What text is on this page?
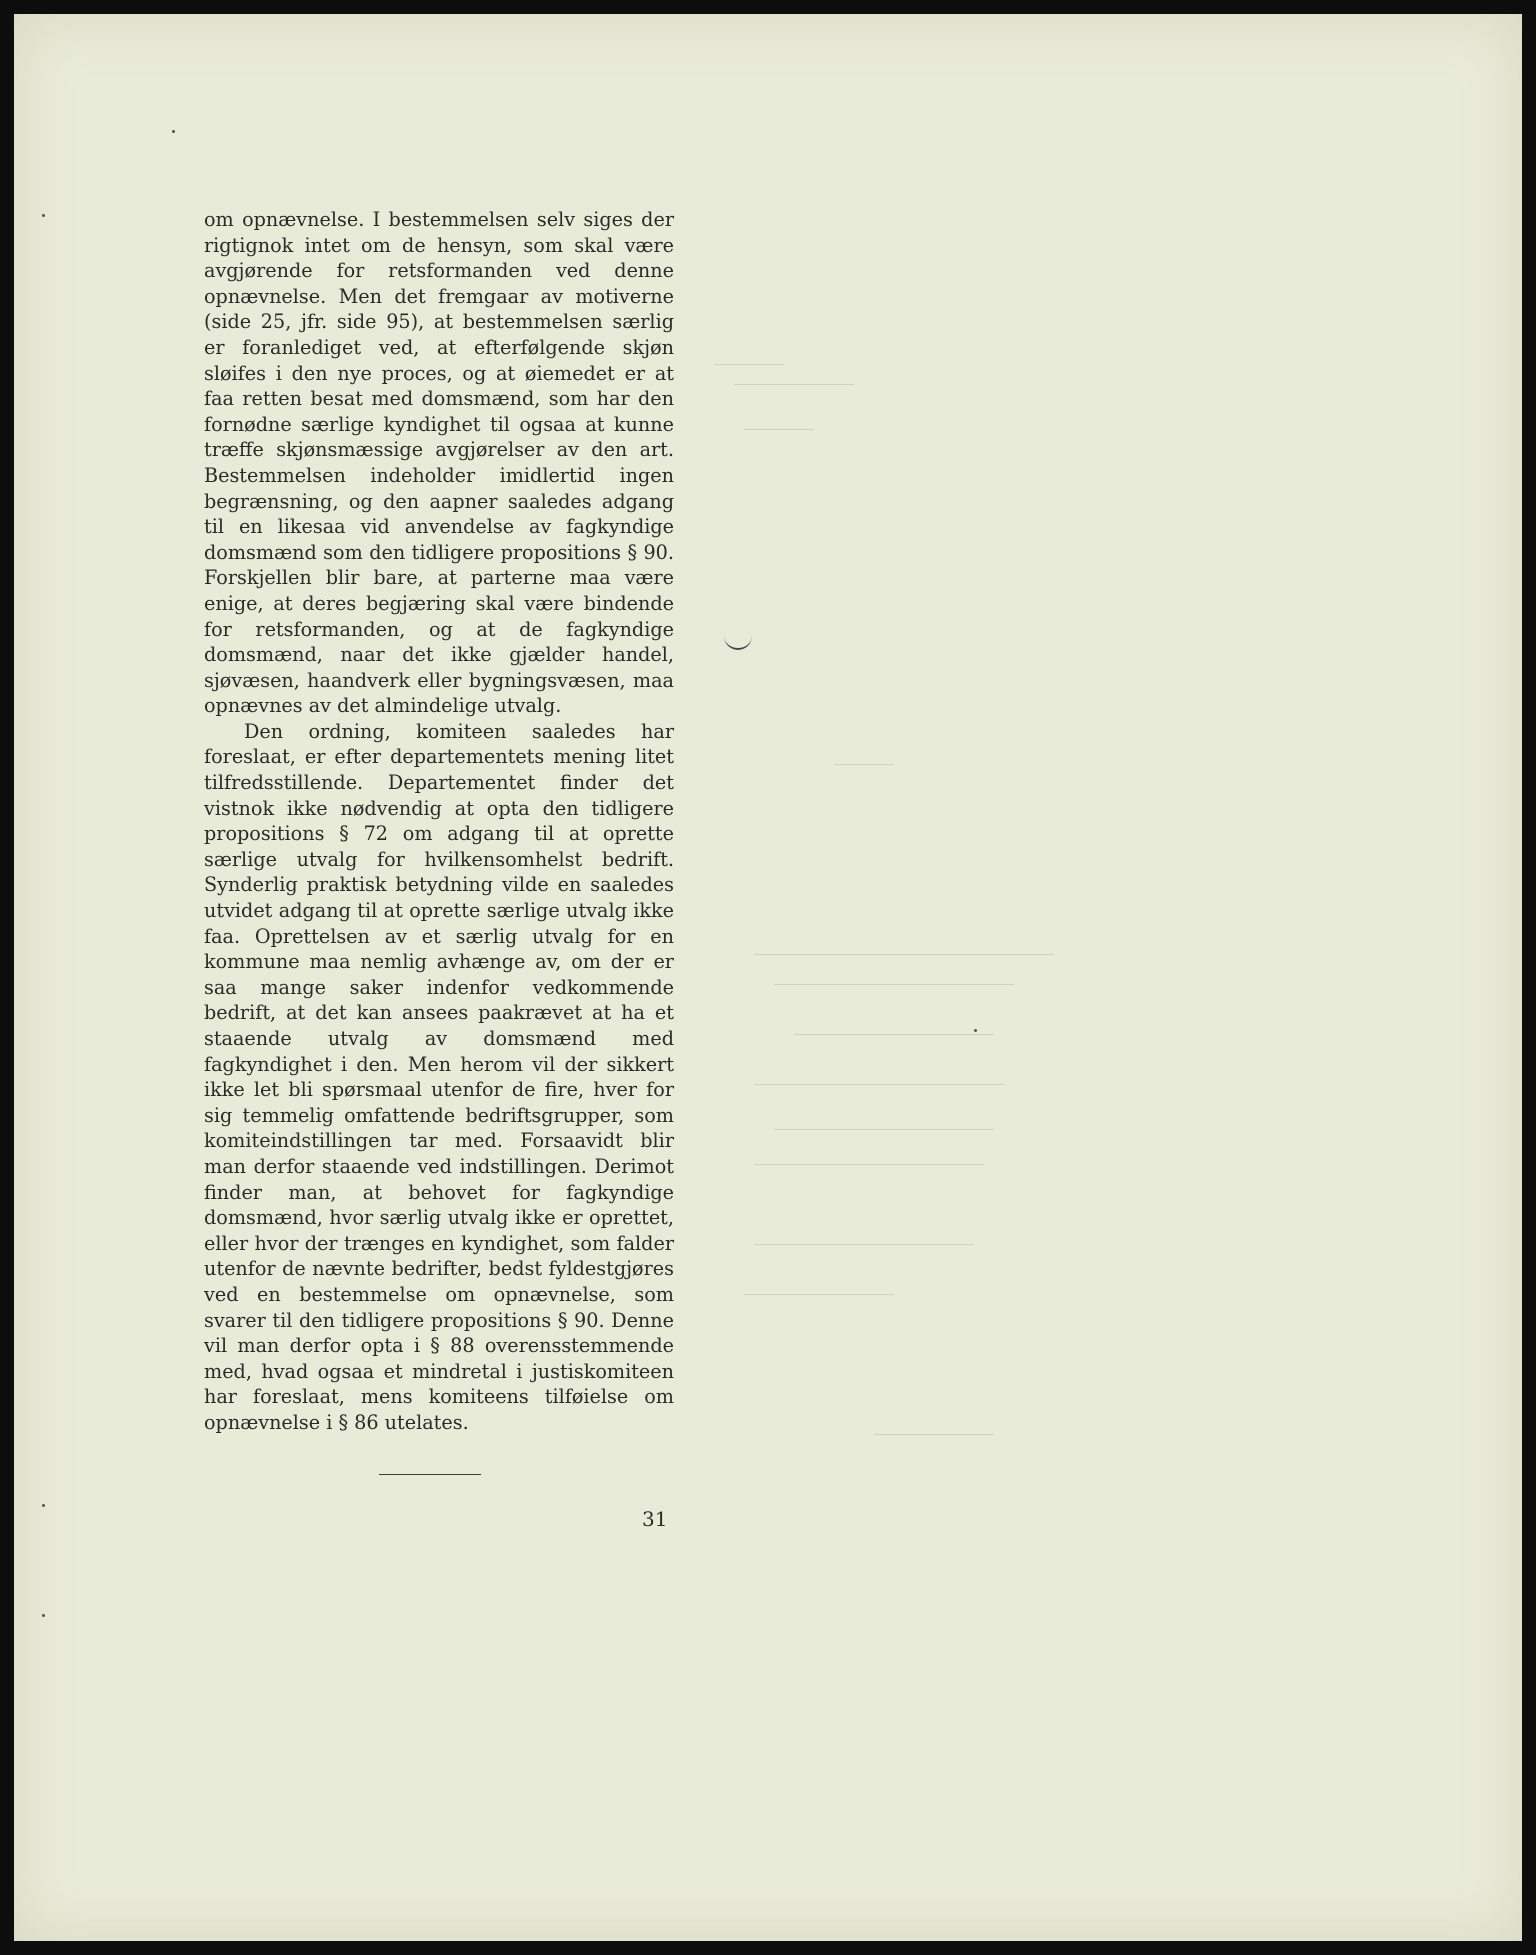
om opnævnelse. I bestemmelsen selv siges der rigtignok intet om de hensyn, som skal være avgjørende for retsformanden ved denne opnævnelse. Men det fremgaar av motiverne (side 25, jfr. side 95), at bestemmelsen særlig er foranlediget ved, at efterfølgende skjøn sløifes i den nye proces, og at øiemedet er at faa retten besat med domsmænd, som har den fornødne særlige kyndighet til ogsaa at kunne træffe skjønsmæssige avgjørelser av den art. Bestemmelsen indeholder imidlertid ingen begrænsning, og den aapner saaledes adgang til en likesaa vid anvendelse av fagkyndige domsmænd som den tidligere propositions § 90. Forskjellen blir bare, at parterne maa være enige, at deres begjæring skal være bindende for retsformanden, og at de fagkyndige domsmænd, naar det ikke gjælder handel, sjøvæsen, haandverk eller bygningsvæsen, maa opnævnes av det almindelige utvalg.

Den ordning, komiteen saaledes har foreslaat, er efter departementets mening litet tilfredsstillende. Departementet finder det vistnok ikke nødvendig at opta den tidligere propositions § 72 om adgang til at oprette særlige utvalg for hvilkensomhelst bedrift. Synderlig praktisk betydning vilde en saaledes utvidet adgang til at oprette særlige utvalg ikke faa. Oprettelsen av et særlig utvalg for en kommune maa nemlig avhænge av, om der er saa mange saker indenfor vedkommende bedrift, at det kan ansees paakrævet at ha et staaende utvalg av domsmænd med fagkyndighet i den. Men herom vil der sikkert ikke let bli spørsmaal utenfor de fire, hver for sig temmelig omfattende bedriftsgrupper, som komiteindstillingen tar med. Forsaavidt blir man derfor staaende ved indstillingen. Derimot finder man, at behovet for fagkyndige domsmænd, hvor særlig utvalg ikke er oprettet, eller hvor der trænges en kyndighet, som falder utenfor de nævnte bedrifter, bedst fyldestgjøres ved en bestemmelse om opnævnelse, som svarer til den tidligere propositions § 90. Denne vil man derfor opta i § 88 overensstemmende med, hvad ogsaa et mindretal i justiskomiteen har foreslaat, mens komiteens tilføielse om opnævnelse i § 86 utelates.

31
